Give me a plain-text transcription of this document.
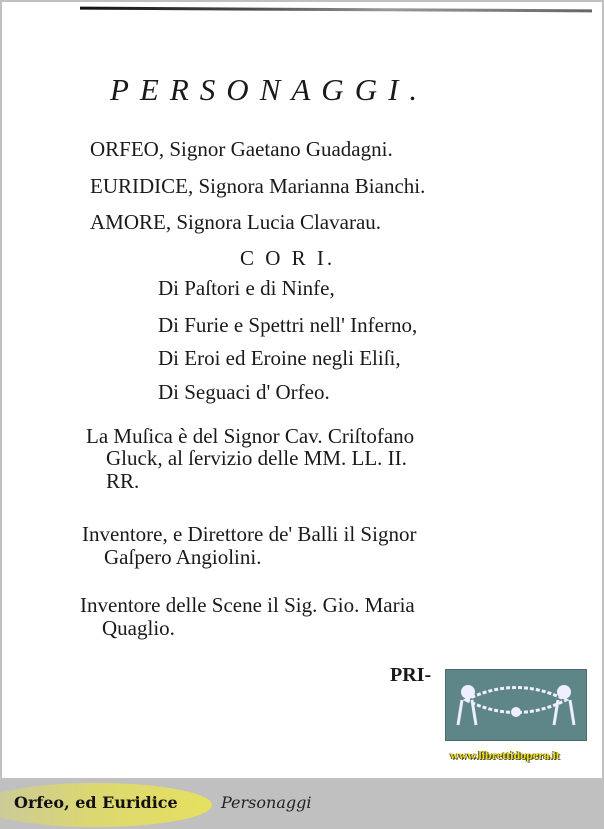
PERSONAGGI.
ORFEO, Signor Gaetano Guadagni.
EURIDICE, Signora Marianna Bianchi.
AMORE, Signora Lucia Clavarau.
C O R I.
Di Paſtori e di Ninfe,
Di Furie e Spettri nell' Inferno,
Di Eroi ed Eroine negli Eliſi,
Di Seguaci d' Orfeo.
La Muſica è del Signor Cav. Criſtofano
Gluck, al ſervizio delle MM. LL. II.
RR.
Inventore, e Direttore de' Balli il Signor
Gaſpero Angiolini.
Inventore delle Scene il Sig. Gio. Maria
Quaglio.
PRI-
www.librettidopera.it
Orfeo, ed Euridice	Personaggi
